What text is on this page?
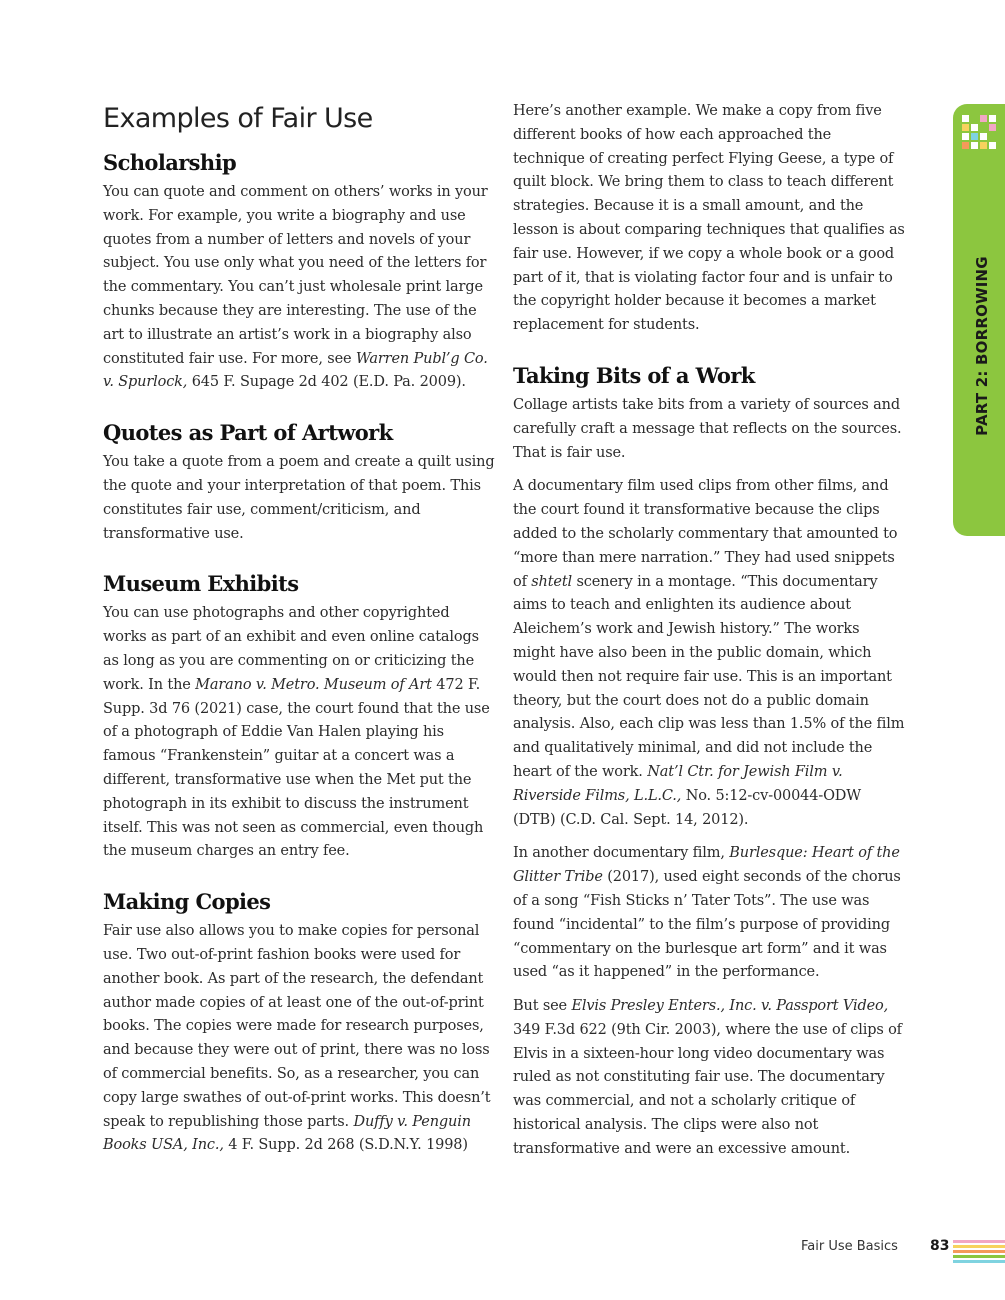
PART 2: BORROWING
Examples of Fair Use
Scholarship

You can quote and comment on others’ works in your work. For example, you write a biography and use quotes from a number of letters and novels of your subject. You use only what you need of the letters for the commentary. You can’t just wholesale print large chunks because they are interesting. The use of the art to illustrate an artist’s work in a biography also constituted fair use. For more, see Warren Publ’g Co. v. Spurlock, 645 F. Supage 2d 402 (E.D. Pa. 2009).

Quotes as Part of Artwork

You take a quote from a poem and create a quilt using the quote and your interpretation of that poem. This constitutes fair use, comment/criticism, and transformative use.

Museum Exhibits

You can use photographs and other copyrighted works as part of an exhibit and even online catalogs as long as you are commenting on or criticizing the work. In the Marano v. Metro. Museum of Art 472 F. Supp. 3d 76 (2021) case, the court found that the use of a photograph of Eddie Van Halen playing his famous “Frankenstein” guitar at a concert was a different, transformative use when the Met put the photograph in its exhibit to discuss the instrument itself. This was not seen as commercial, even though the museum charges an entry fee.

Making Copies

Fair use also allows you to make copies for personal use. Two out-of-print fashion books were used for another book. As part of the research, the defendant author made copies of at least one of the out-of-print books. The copies were made for research purposes, and because they were out of print, there was no loss of commercial benefits. So, as a researcher, you can copy large swathes of out-of-print works. This doesn’t speak to republishing those parts. Duffy v. Penguin Books USA, Inc., 4 F. Supp. 2d 268 (S.D.N.Y. 1998)

Here’s another example. We make a copy from five different books of how each approached the technique of creating perfect Flying Geese, a type of quilt block. We bring them to class to teach different strategies. Because it is a small amount, and the lesson is about comparing techniques that qualifies as fair use. However, if we copy a whole book or a good part of it, that is violating factor four and is unfair to the copyright holder because it becomes a market replacement for students.

Taking Bits of a Work

Collage artists take bits from a variety of sources and carefully craft a message that reflects on the sources. That is fair use.

A documentary film used clips from other films, and the court found it transformative because the clips added to the scholarly commentary that amounted to “more than mere narration.” They had used snippets of shtetl scenery in a montage. “This documentary aims to teach and enlighten its audience about Aleichem’s work and Jewish history.” The works might have also been in the public domain, which would then not require fair use. This is an important theory, but the court does not do a public domain analysis. Also, each clip was less than 1.5% of the film and qualitatively minimal, and did not include the heart of the work. Nat’l Ctr. for Jewish Film v. Riverside Films, L.L.C., No. 5:12-cv-00044-ODW (DTB) (C.D. Cal. Sept. 14, 2012).

In another documentary film, Burlesque: Heart of the Glitter Tribe (2017), used eight seconds of the chorus of a song “Fish Sticks n’ Tater Tots”. The use was found “incidental” to the film’s purpose of providing “commentary on the burlesque art form” and it was used “as it happened” in the performance.

But see Elvis Presley Enters., Inc. v. Passport Video, 349 F.3d 622 (9th Cir. 2003), where the use of clips of Elvis in a sixteen-hour long video documentary was ruled as not constituting fair use. The documentary was commercial, and not a scholarly critique of historical analysis. The clips were also not transformative and were an excessive amount.

Fair Use Basics 83
